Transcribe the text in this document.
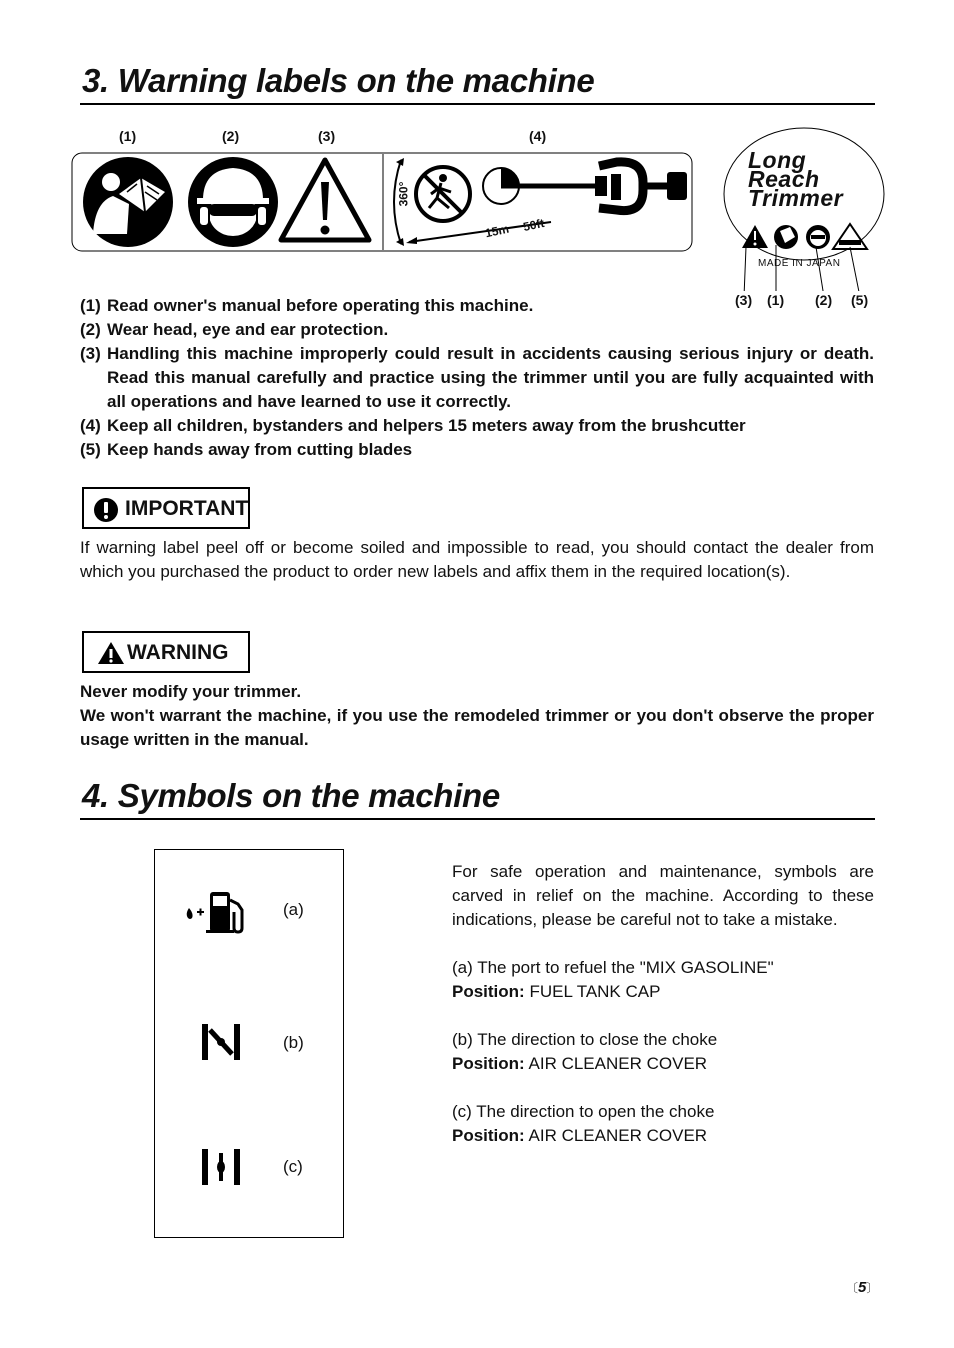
3. Warning labels on the machine
(1)	(2)	(3)	(4)
360°
15m 50ft
Long
Reach
Trimmer
MADE IN JAPAN
(3) (1) (2) (5)
(1) Read owner's manual before operating this machine.
(2) Wear head, eye and ear protection.
(3) Handling this machine improperly could result in accidents causing serious injury or death. Read this manual carefully and practice using the trimmer until you are fully acquainted with all operations and have learned to use it correctly.
(4) Keep all children, bystanders and helpers 15 meters away from the brushcutter
(5) Keep hands away from cutting blades
IMPORTANT
If warning label peel off or become soiled and impossible to read, you should contact the dealer from which you purchased the product to order new labels and affix them in the required location(s).
WARNING
Never modify your trimmer.
We won't warrant the machine, if you use the remodeled trimmer or you don't observe the proper usage written in the manual.
4. Symbols on the machine
(a)
(b)
(c)
For safe operation and maintenance, symbols are carved in relief on the machine. According to these indications, please be careful not to take a mistake.
(a) The port to refuel the "MIX GASOLINE"
Position: FUEL TANK CAP
(b) The direction to close the choke
Position: AIR CLEANER COVER
(c) The direction to open the choke
Position: AIR CLEANER COVER
〔5〕
